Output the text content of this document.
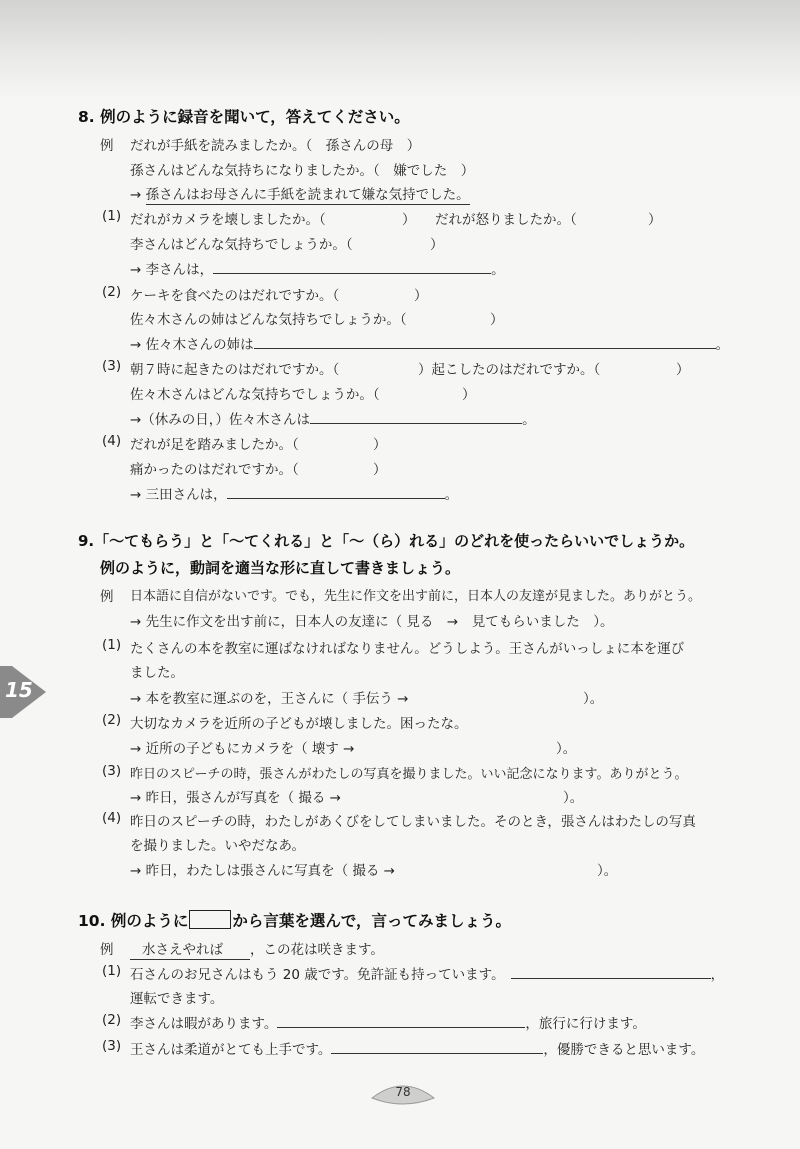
8. 例のように録音を聞いて，答えてください。
例 だれが手紙を読みましたか。（　孫さんの母　）
孫さんはどんな気持ちになりましたか。（　嫌でした　）
→ 孫さんはお母さんに手紙を読まれて嫌な気持でした。
(1) だれがカメラを壊しましたか。（	） だれが怒りましたか。（	）
李さんはどんな気持ちでしょうか。（	）
→ 李さんは，	。
(2) ケーキを食べたのはだれですか。（	）
佐々木さんの姉はどんな気持ちでしょうか。（	）
→ 佐々木さんの姉は	。
(3) 朝７時に起きたのはだれですか。（	）起こしたのはだれですか。（	）
佐々木さんはどんな気持ちでしょうか。（	）
→（休みの日，）佐々木さんは	。
(4) だれが足を踏みましたか。（	）
痛かったのはだれですか。（	）
→ 三田さんは，	。
9.「～てもらう」と「～てくれる」と「～（ら）れる」のどれを使ったらいいでしょうか。
例のように，動詞を適当な形に直して書きましょう。
例 日本語に自信がないです。でも，先生に作文を出す前に，日本人の友達が見ました。ありがとう。
→ 先生に作文を出す前に，日本人の友達に（ 見る　→　見てもらいました　）。
(1) たくさんの本を教室に運ばなければなりません。どうしよう。王さんがいっしょに本を運び
ました。
→ 本を教室に運ぶのを，王さんに（ 手伝う →	）。
(2) 大切なカメラを近所の子どもが壊しました。困ったな。
→ 近所の子どもにカメラを（ 壊す →	）。
(3) 昨日のスピーチの時，張さんがわたしの写真を撮りました。いい記念になります。ありがとう。
→ 昨日，張さんが写真を（ 撮る →	）。
(4) 昨日のスピーチの時，わたしがあくびをしてしまいました。そのとき，張さんはわたしの写真
を撮りました。いやだなあ。
→ 昨日，わたしは張さんに写真を（ 撮る →	）。
10. 例のように	から言葉を選んで，言ってみましょう。
例	水さえやれば ，この花は咲きます。
(1) 石さんのお兄さんはもう 20 歳です。免許証も持っています。	，
運転できます。
(2) 李さんは暇があります。	，旅行に行けます。
(3) 王さんは柔道がとても上手です。	，優勝できると思います。
15
78
